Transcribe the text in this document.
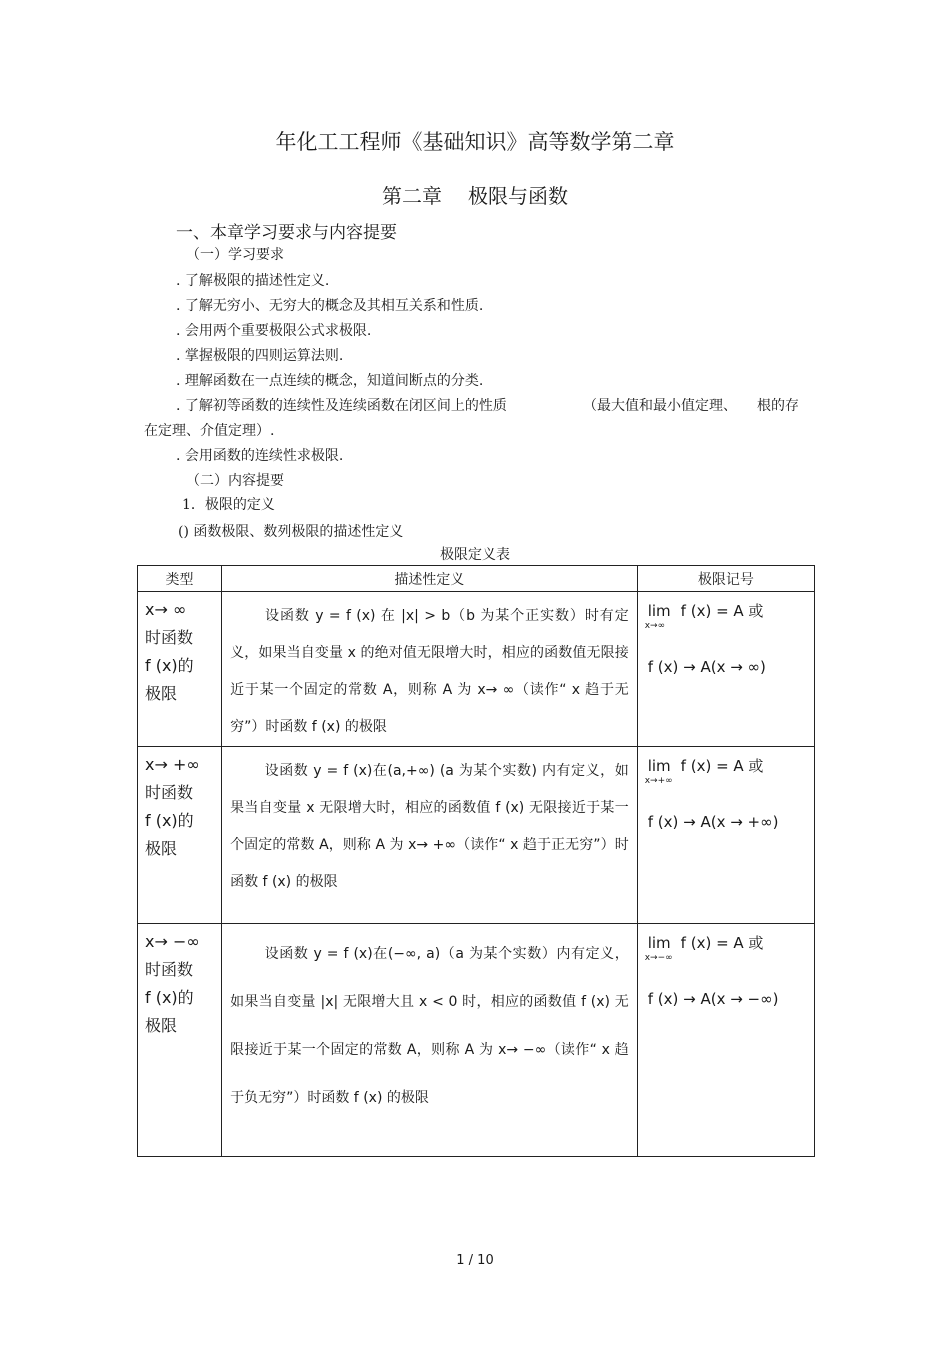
年化工工程师《基础知识》高等数学第二章
第二章 极限与函数
一、本章学习要求与内容提要
（一）学习要求
. 了解极限的描述性定义.
. 了解无穷小、无穷大的概念及其相互关系和性质.
. 会用两个重要极限公式求极限.
. 掌握极限的四则运算法则.
. 理解函数在一点连续的概念，知道间断点的分类.
. 了解初等函数的连续性及连续函数在闭区间上的性质	（最大值和最小值定理、 根的存
在定理、介值定理）.
. 会用函数的连续性求极限.
（二）内容提要
1．极限的定义
() 函数极限、数列极限的描述性定义
极限定义表
类型	描述性定义	极限记号

x→ ∞
时函数
f (x)的
极限	设函数 y = f (x) 在 |x| > b（b 为某个正实数）时有定义，如果当自变量 x 的绝对值无限增大时，相应的函数值无限接近于某一个固定的常数 A，则称 A 为 x→ ∞（读作“ x 趋于无穷”）时函数 f (x) 的极限	lim
x→∞
f (x) = A 或
f (x) → A(x → ∞)

x→ +∞
时函数
f (x)的
极限	设函数 y = f (x)在(a,+∞) (a 为某个实数) 内有定义，如果当自变量 x 无限增大时，相应的函数值 f (x) 无限接近于某一个固定的常数 A，则称 A 为 x→ +∞（读作“ x 趋于正无穷”）时函数 f (x) 的极限	lim
x→+∞
f (x) = A 或
f (x) → A(x → +∞)

x→ −∞
时函数
f (x)的
极限	设函数 y = f (x)在(−∞, a)（a 为某个实数）内有定义，如果当自变量 |x| 无限增大且 x < 0 时，相应的函数值 f (x) 无限接近于某一个固定的常数 A，则称 A 为 x→ −∞（读作“ x 趋于负无穷”）时函数 f (x) 的极限	lim
x→−∞
f (x) = A 或
f (x) → A(x → −∞)
1 / 10
